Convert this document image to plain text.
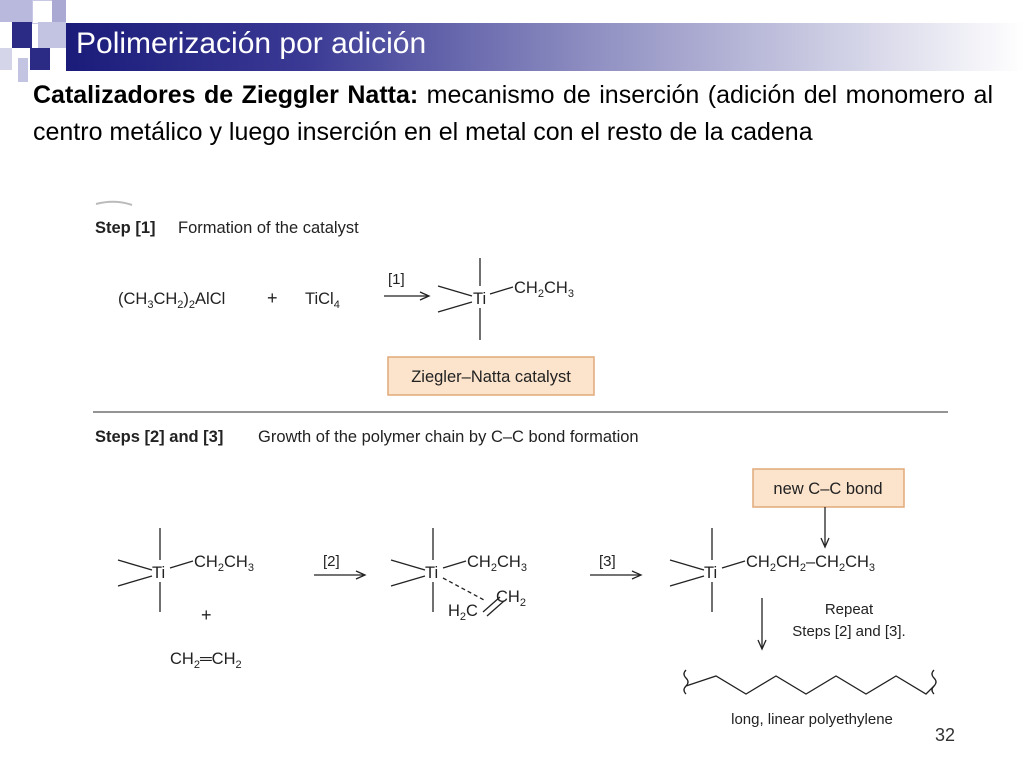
Polimerización por adición
Catalizadores de Zieggler Natta: mecanismo de inserción (adición del monomero al centro metálico y luego inserción en el metal con el resto de la cadena
Step [1] Formation of the catalyst
$(CH_3CH_2)_2AlCl$ + TiCl$_4$
[1]
Ti
$CH_2CH_3$
Ziegler–Natta catalyst
Steps [2] and [3] Growth of the polymer chain by C–C bond formation
new C–C bond
Ti
$CH_2CH_3$
+
$CH_2═CH_2$
[2]
Ti
$CH_2CH_3$
$CH_2$
$H_2C$
[3]
Ti
$CH_2CH_2-CH_2CH_3$
Repeat
Steps [2] and [3].
long, linear polyethylene
32
